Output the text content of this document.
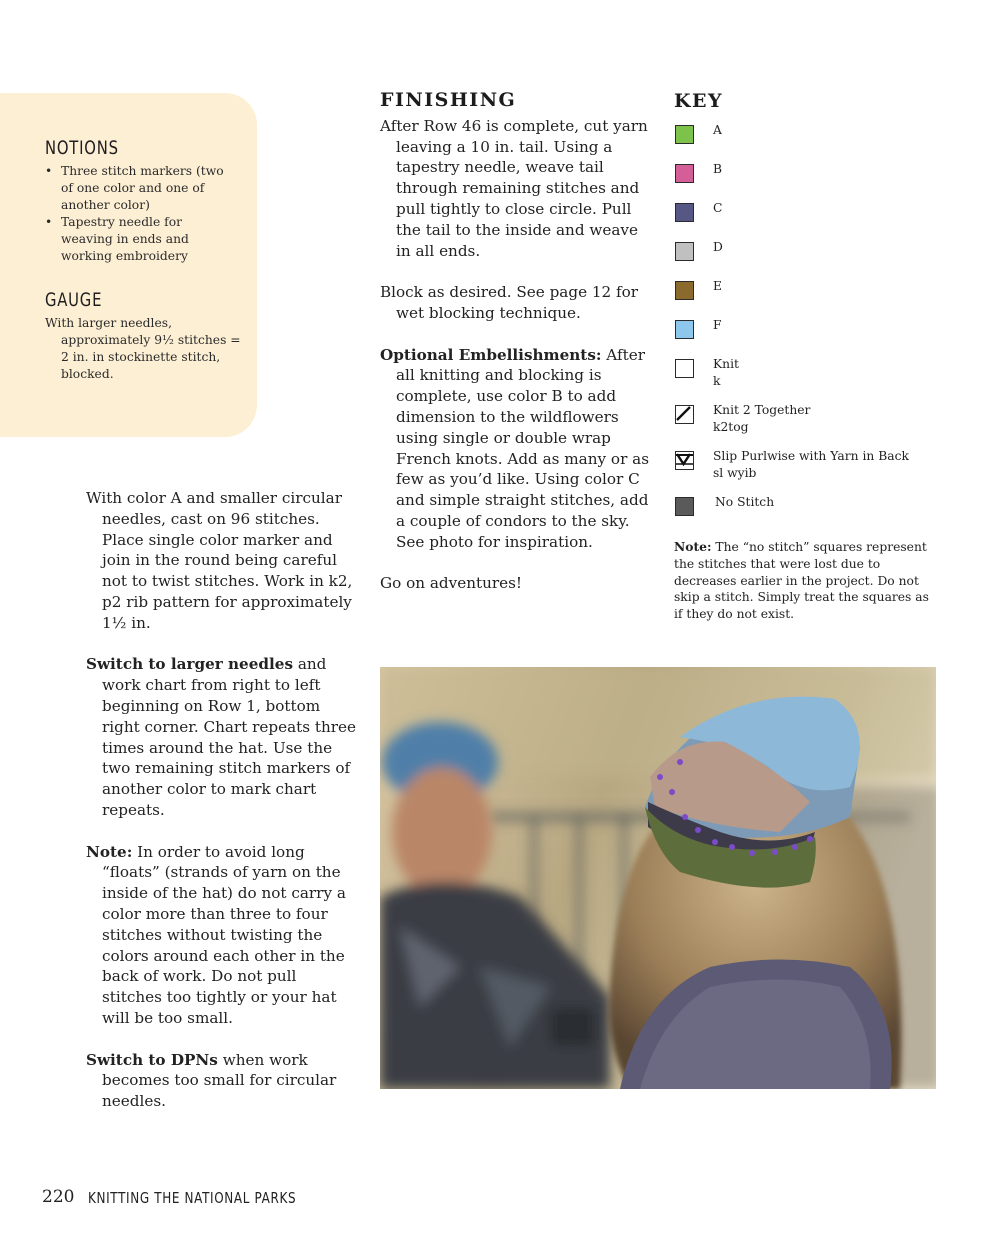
NOTIONS
• Three stitch markers (two of one color and one of another color)
• Tapestry needle for weaving in ends and working embroidery
GAUGE
With larger needles, approximately 9½ stitches = 2 in. in stockinette stitch, blocked.

With color A and smaller circular needles, cast on 96 stitches. Place single color marker and join in the round being careful not to twist stitches. Work in k2, p2 rib pattern for approximately 1½ in.

Switch to larger needles and work chart from right to left beginning on Row 1, bottom right corner. Chart repeats three times around the hat. Use the two remaining stitch markers of another color to mark chart repeats.

Note: In order to avoid long “floats” (strands of yarn on the inside of the hat) do not carry a color more than three to four stitches without twisting the colors around each other in the back of work. Do not pull stitches too tightly or your hat will be too small.

Switch to DPNs when work becomes too small for circular needles.

FINISHING

After Row 46 is complete, cut yarn leaving a 10 in. tail. Using a tapestry needle, weave tail through remaining stitches and pull tightly to close circle. Pull the tail to the inside and weave in all ends.

Block as desired. See page 12 for wet blocking technique.

Optional Embellishments: After all knitting and blocking is complete, use color B to add dimension to the wildflowers using single or double wrap French knots. Add as many or as few as you’d like. Using color C and simple straight stitches, add a couple of condors to the sky. See photo for inspiration.

Go on adventures!

KEY
A
B
C
D
E
F
Knit
k
Knit 2 Together
k2tog
Slip Purlwise with Yarn in Back
sl wyib
No Stitch
Note: The “no stitch” squares represent the stitches that were lost due to decreases earlier in the project. Do not skip a stitch. Simply treat the squares as if they do not exist.
220 KNITTING THE NATIONAL PARKS
